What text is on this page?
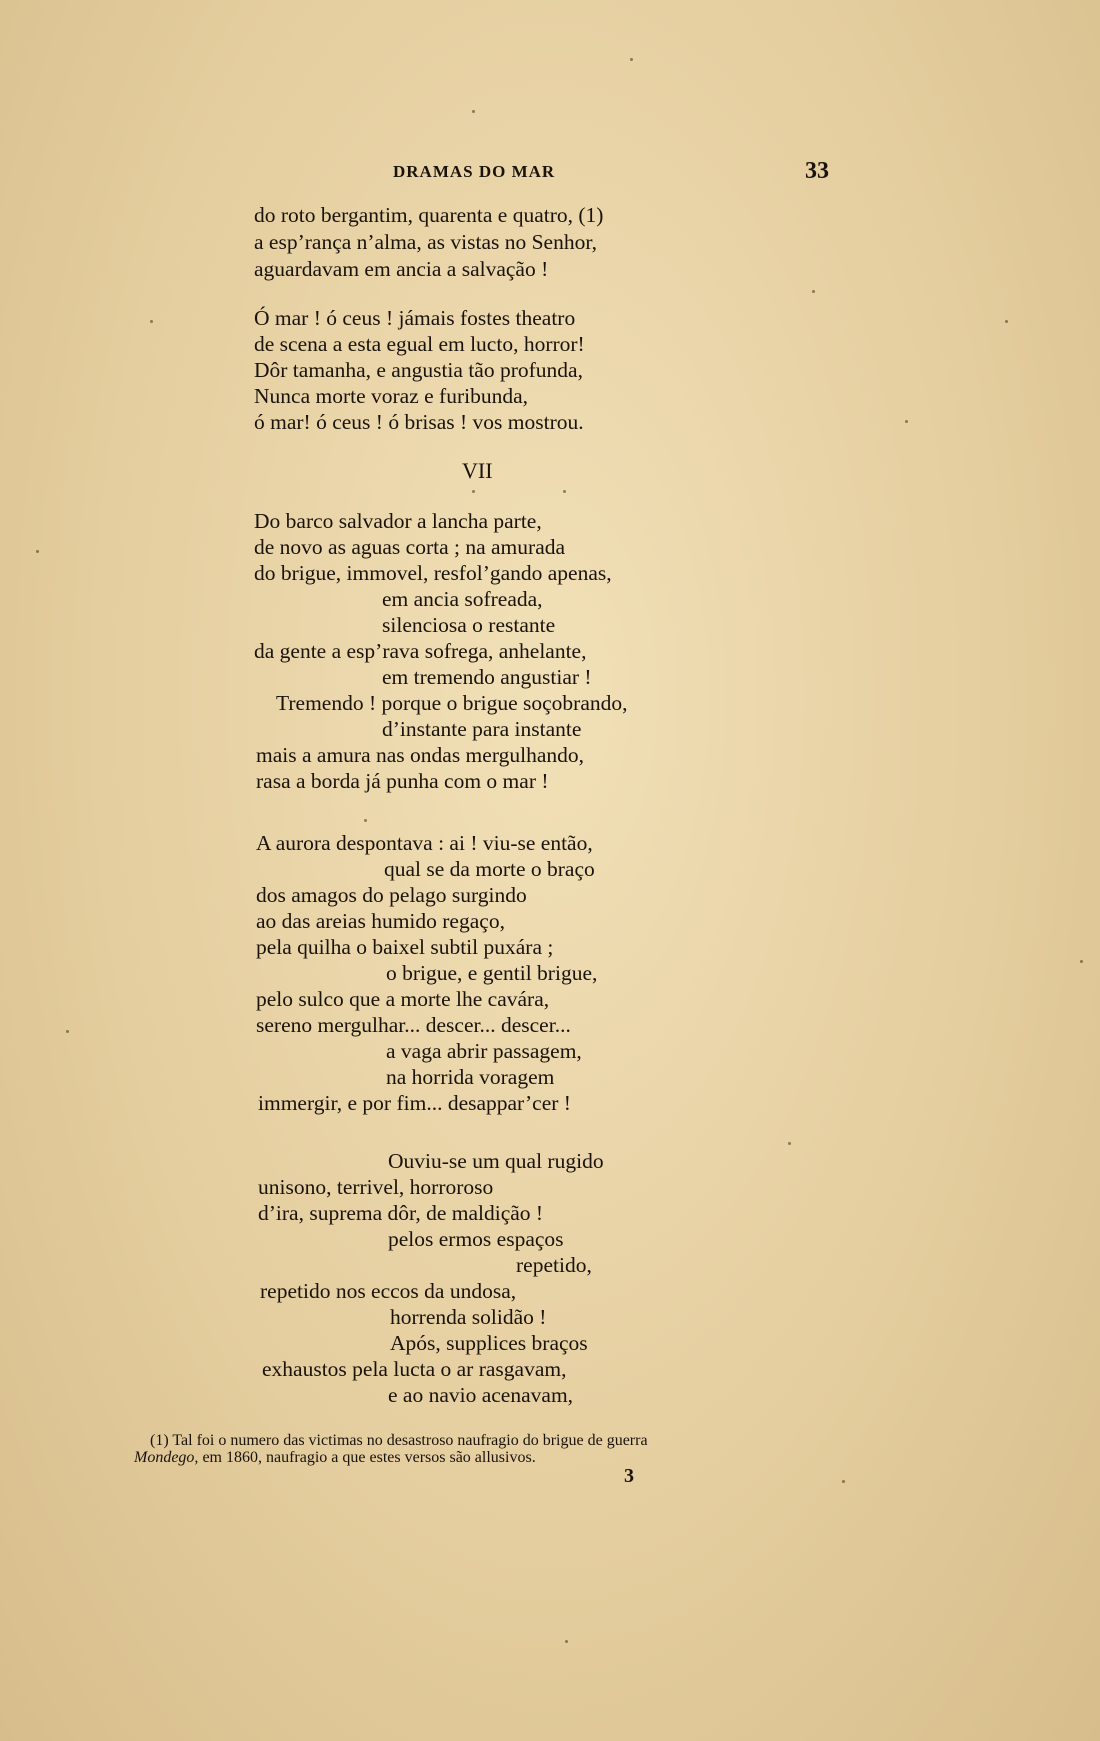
DRAMAS DO MAR	33
do roto bergantim, quarenta e quatro, (1)
a esp’rança n’alma, as vistas no Senhor,
aguardavam em ancia a salvação !
Ó mar ! ó ceus ! jámais fostes theatro
de scena a esta egual em lucto, horror!
Dôr tamanha, e angustia tão profunda,
Nunca morte voraz e furibunda,
ó mar! ó ceus ! ó brisas ! vos mostrou.
VII
Do barco salvador a lancha parte,
de novo as aguas corta ; na amurada
do brigue, immovel, resfol’gando apenas,
em ancia sofreada,
silenciosa o restante
da gente a esp’rava sofrega, anhelante,
em tremendo angustiar !
Tremendo ! porque o brigue soçobrando,
d’instante para instante
mais a amura nas ondas mergulhando,
rasa a borda já punha com o mar !
A aurora despontava : ai ! viu-se então,
qual se da morte o braço
dos amagos do pelago surgindo
ao das areias humido regaço,
pela quilha o baixel subtil puxára ;
o brigue, e gentil brigue,
pelo sulco que a morte lhe cavára,
sereno mergulhar... descer... descer...
a vaga abrir passagem,
na horrida voragem
immergir, e por fim... desappar’cer !
Ouviu-se um qual rugido
unisono, terrivel, horroroso
d’ira, suprema dôr, de maldição !
pelos ermos espaços
repetido,
repetido nos eccos da undosa,
horrenda solidão !
Após, supplices braços
exhaustos pela lucta o ar rasgavam,
e ao navio acenavam,
(1) Tal foi o numero das victimas no desastroso naufragio do brigue de guerra
Mondego, em 1860, naufragio a que estes versos são allusivos.
3
